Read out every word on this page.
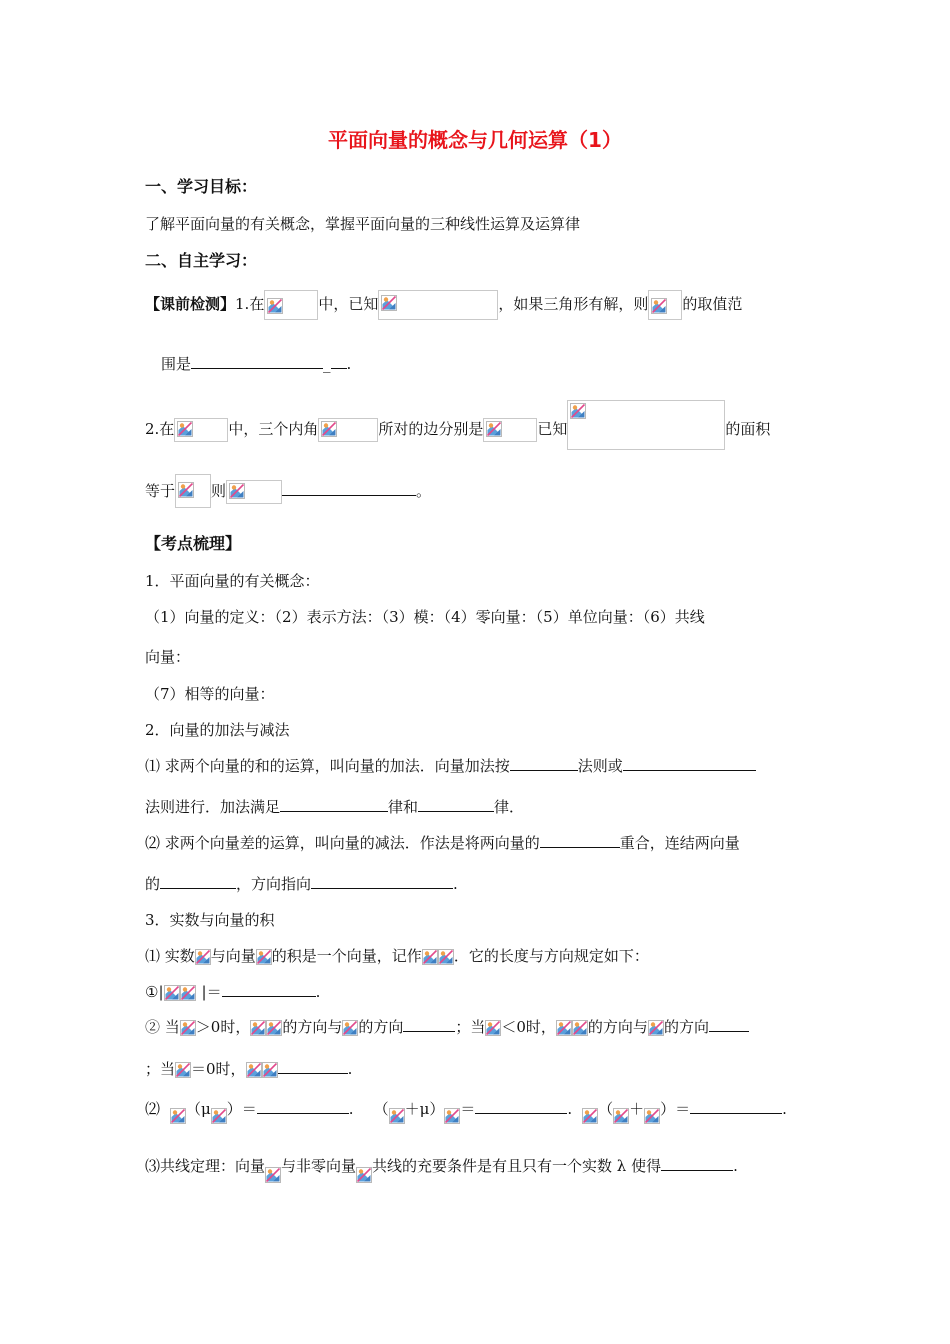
平面向量的概念与几何运算（1）
一、学习目标：
了解平面向量的有关概念，掌握平面向量的三种线性运算及运算律
二、自主学习：
【课前检测】1.在	中，已知	，如果三角形有解，则 的取值范
围是	_ .
2.在	中，三个内角	所对的边分别是	已知	的面积
等于 则	。
【考点梳理】
1．平面向量的有关概念：
（1）向量的定义：（2）表示方法：（3）模：（4）零向量：（5）单位向量：（6）共线
向量：
（7）相等的向量：
2．向量的加法与减法
⑴ 求两个向量的和的运算，叫向量的加法．向量加法按	法则或
法则进行．加法满足	律和	律．
⑵ 求两个向量差的运算，叫向量的减法．作法是将两向量的	重合，连结两向量
的	，方向指向	.
3．实数与向量的积
⑴ 实数 与向量 的积是一个向量，记作 ．它的长度与方向规定如下：
①|	|＝	.
② 当 ＞0时， 的方向与 的方向	；当 ＜0时， 的方向与 的方向
；当 ＝0时，	.
⑵ （μ ）＝	. （ ＋μ） ＝	. （ ＋ ）＝	.
⑶共线定理：向量 与非零向量 共线的充要条件是有且只有一个实数 λ 使得	.
